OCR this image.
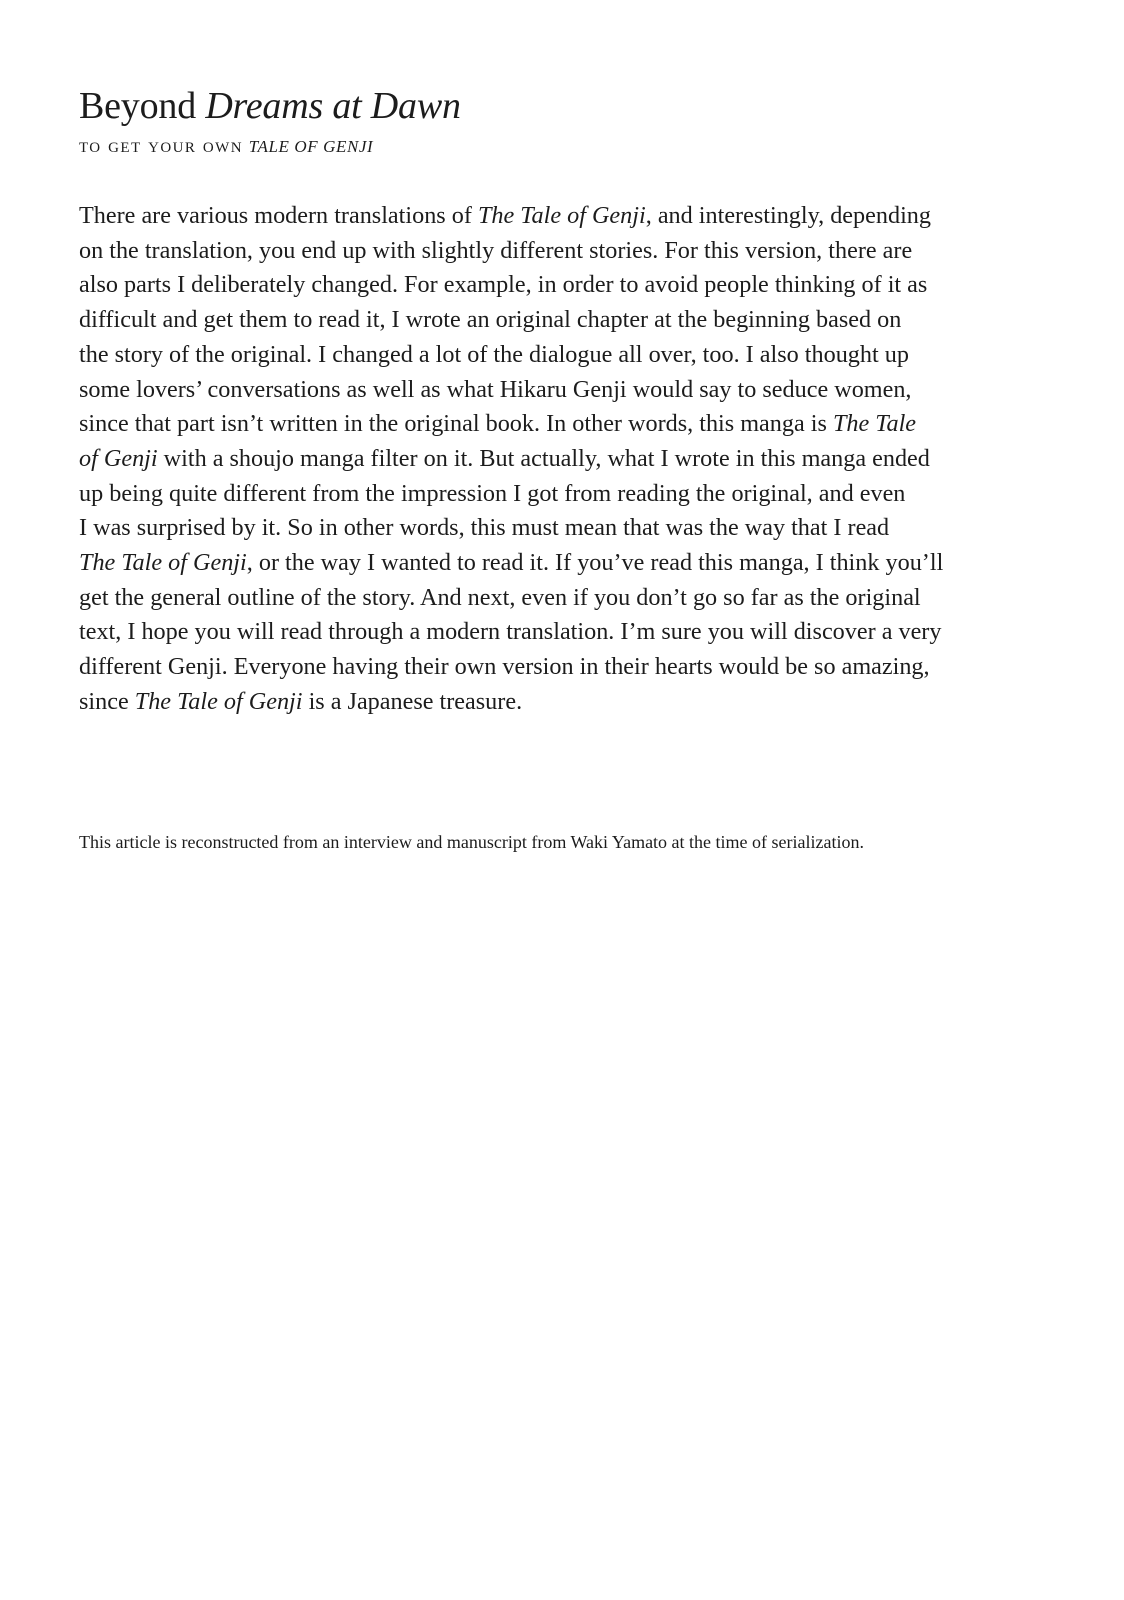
Beyond Dreams at Dawn

to get your own TALE OF GENJI

There are various modern translations of The Tale of Genji, and interestingly, depending
on the translation, you end up with slightly different stories. For this version, there are
also parts I deliberately changed. For example, in order to avoid people thinking of it as
difficult and get them to read it, I wrote an original chapter at the beginning based on
the story of the original. I changed a lot of the dialogue all over, too. I also thought up
some lovers’ conversations as well as what Hikaru Genji would say to seduce women,
since that part isn’t written in the original book. In other words, this manga is The Tale
of Genji with a shoujo manga filter on it. But actually, what I wrote in this manga ended
up being quite different from the impression I got from reading the original, and even
I was surprised by it. So in other words, this must mean that was the way that I read
The Tale of Genji, or the way I wanted to read it. If you’ve read this manga, I think you’ll
get the general outline of the story. And next, even if you don’t go so far as the original
text, I hope you will read through a modern translation. I’m sure you will discover a very
different Genji. Everyone having their own version in their hearts would be so amazing,
since The Tale of Genji is a Japanese treasure.

This article is reconstructed from an interview and manuscript from Waki Yamato at the time of serialization.
